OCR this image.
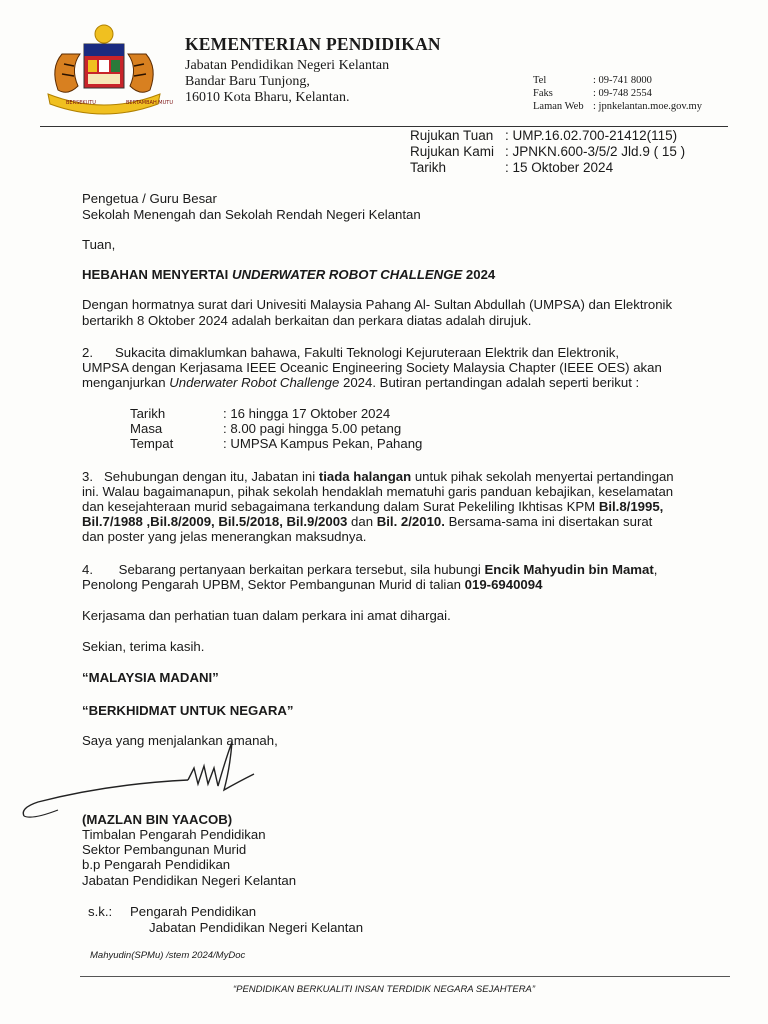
BERSEKUTU	BERTAMBAH MUTU
KEMENTERIAN PENDIDIKAN
Jabatan Pendidikan Negeri Kelantan
Bandar Baru Tunjong,
16010 Kota Bharu, Kelantan.
Tel	: 09-741 8000
Faks	: 09-748 2554
Laman Web : jpnkelantan.moe.gov.my
Rujukan Tuan : UMP.16.02.700-21412(115)
Rujukan Kami : JPNKN.600-3/5/2 Jld.9 ( 15 )
Tarikh	: 15 Oktober 2024
Pengetua / Guru Besar
Sekolah Menengah dan Sekolah Rendah Negeri Kelantan
Tuan,
HEBAHAN MENYERTAI UNDERWATER ROBOT CHALLENGE 2024
Dengan hormatnya surat dari Univesiti Malaysia Pahang Al- Sultan Abdullah (UMPSA) dan Elektronik
bertarikh 8 Oktober 2024 adalah berkaitan dan perkara diatas adalah dirujuk.
2.      Sukacita dimaklumkan bahawa, Fakulti Teknologi Kejuruteraan Elektrik dan Elektronik,
UMPSA dengan Kerjasama IEEE Oceanic Engineering Society Malaysia Chapter (IEEE OES) akan
menganjurkan Underwater Robot Challenge 2024. Butiran pertandingan adalah seperti berikut :
Tarikh	: 16 hingga 17 Oktober 2024
Masa	: 8.00 pagi hingga 5.00 petang
Tempat	: UMPSA Kampus Pekan, Pahang
3.   Sehubungan dengan itu, Jabatan ini tiada halangan untuk pihak sekolah menyertai pertandingan
ini. Walau bagaimanapun, pihak sekolah hendaklah mematuhi garis panduan kebajikan, keselamatan
dan kesejahteraan murid sebagaimana terkandung dalam Surat Pekeliling Ikhtisas KPM Bil.8/1995,
Bil.7/1988 ,Bil.8/2009, Bil.5/2018, Bil.9/2003 dan Bil. 2/2010. Bersama-sama ini disertakan surat
dan poster yang jelas menerangkan maksudnya.
4.       Sebarang pertanyaan berkaitan perkara tersebut, sila hubungi Encik Mahyudin bin Mamat,
Penolong Pengarah UPBM, Sektor Pembangunan Murid di talian 019-6940094
Kerjasama dan perhatian tuan dalam perkara ini amat dihargai.
Sekian, terima kasih.
“MALAYSIA MADANI”
“BERKHIDMAT UNTUK NEGARA”
Saya yang menjalankan amanah,
(MAZLAN BIN YAACOB)
Timbalan Pengarah Pendidikan
Sektor Pembangunan Murid
b.p Pengarah Pendidikan
Jabatan Pendidikan Negeri Kelantan
s.k.: Pengarah Pendidikan
Jabatan Pendidikan Negeri Kelantan
Mahyudin(SPMu) /stem 2024/MyDoc
“PENDIDIKAN BERKUALITI INSAN TERDIDIK NEGARA SEJAHTERA”
